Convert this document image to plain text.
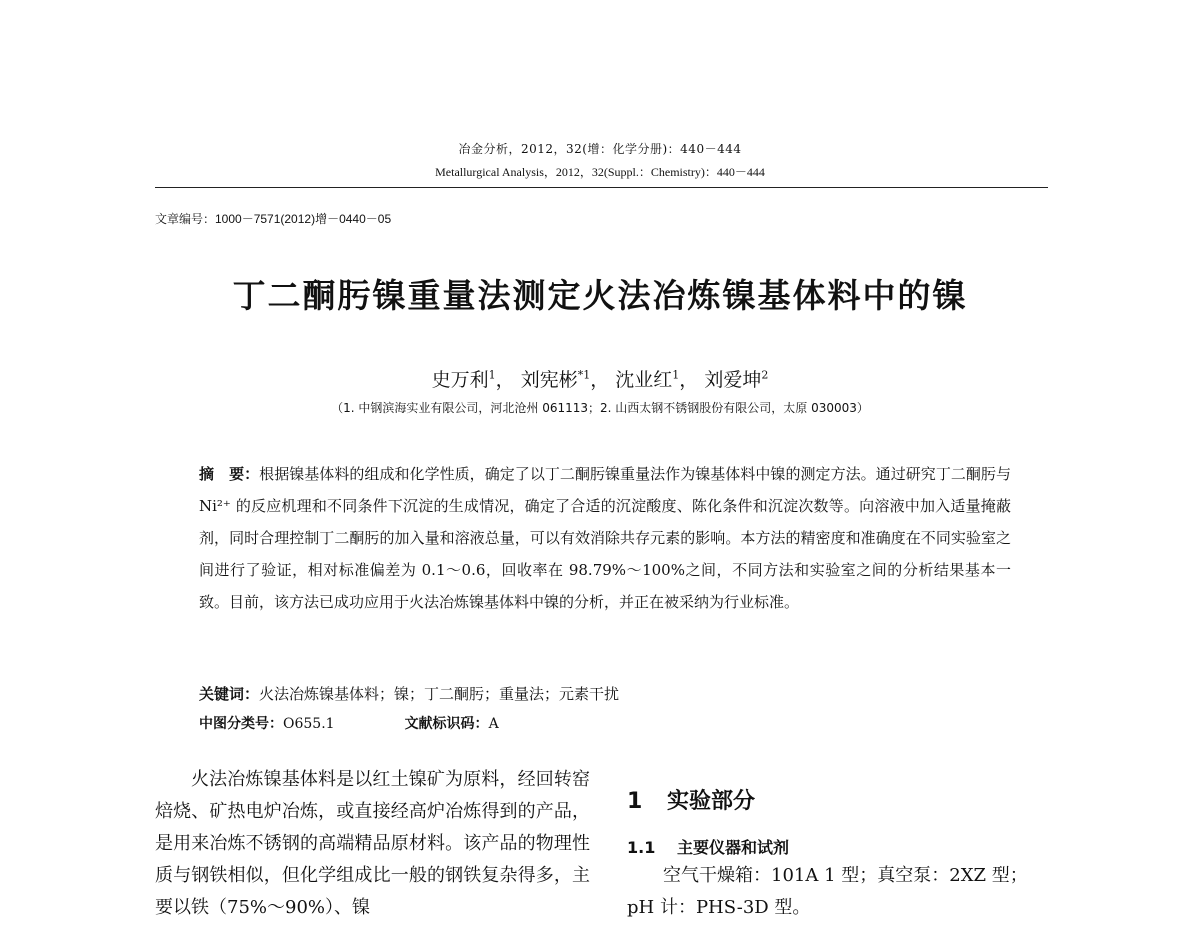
冶金分析，2012，32(增：化学分册)：440－444
Metallurgical Analysis，2012，32(Suppl.：Chemistry)：440－444
文章编号：1000－7571(2012)增－0440－05
丁二酮肟镍重量法测定火法冶炼镍基体料中的镍
史万利$^1$， 刘宪彬$^{*1}$， 沈业红$^1$， 刘爱坤$^2$
（1. 中钢滨海实业有限公司，河北沧州 061113；2. 山西太钢不锈钢股份有限公司，太原 030003）
摘　要：根据镍基体料的组成和化学性质，确定了以丁二酮肟镍重量法作为镍基体料中镍的测定方法。通过研究丁二酮肟与 Ni²⁺ 的反应机理和不同条件下沉淀的生成情况，确定了合适的沉淀酸度、陈化条件和沉淀次数等。向溶液中加入适量掩蔽剂，同时合理控制丁二酮肟的加入量和溶液总量，可以有效消除共存元素的影响。本方法的精密度和准确度在不同实验室之间进行了验证，相对标准偏差为 0.1～0.6，回收率在 98.79%～100%之间，不同方法和实验室之间的分析结果基本一致。目前，该方法已成功应用于火法冶炼镍基体料中镍的分析，并正在被采纳为行业标准。
关键词：火法冶炼镍基体料；镍；丁二酮肟；重量法；元素干扰
中图分类号：O655.1	文献标识码：A

火法冶炼镍基体料是以红土镍矿为原料，经回转窑焙烧、矿热电炉冶炼，或直接经高炉冶炼得到的产品，是用来冶炼不锈钢的高端精品原材料。该产品的物理性质与钢铁相似，但化学组成比一般的钢铁复杂得多，主要以铁（75%～90%）、镍

1 实验部分
1.1 主要仪器和试剂

空气干燥箱：101A 1 型；真空泵：2XZ 型；pH 计：PHS-3D 型。
